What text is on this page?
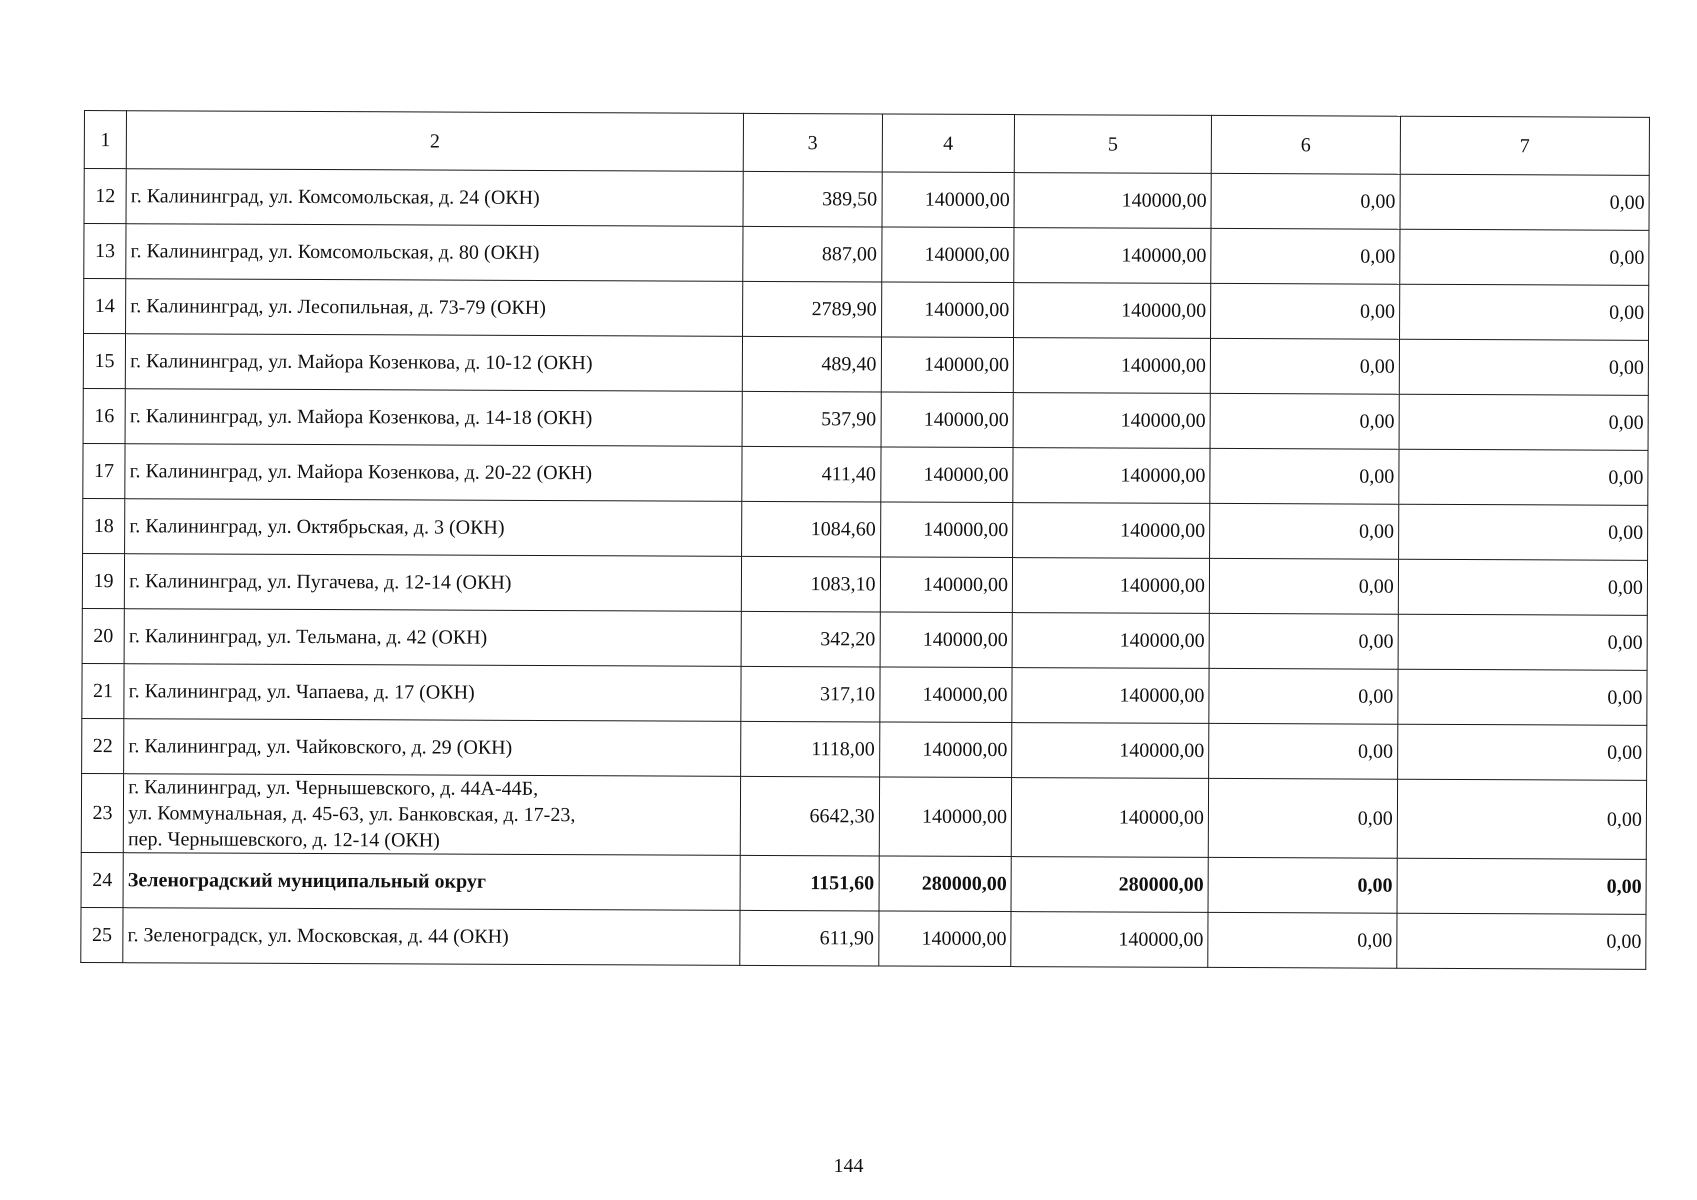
1	2	3	4	5	6	7
12	г. Калининград, ул. Комсомольская, д. 24 (ОКН)	389,50	140000,00	140000,00	0,00	0,00
13	г. Калининград, ул. Комсомольская, д. 80 (ОКН)	887,00	140000,00	140000,00	0,00	0,00
14	г. Калининград, ул. Лесопильная, д. 73-79 (ОКН)	2789,90	140000,00	140000,00	0,00	0,00
15	г. Калининград, ул. Майора Козенкова, д. 10-12 (ОКН)	489,40	140000,00	140000,00	0,00	0,00
16	г. Калининград, ул. Майора Козенкова, д. 14-18 (ОКН)	537,90	140000,00	140000,00	0,00	0,00
17	г. Калининград, ул. Майора Козенкова, д. 20-22 (ОКН)	411,40	140000,00	140000,00	0,00	0,00
18	г. Калининград, ул. Октябрьская, д. 3 (ОКН)	1084,60	140000,00	140000,00	0,00	0,00
19	г. Калининград, ул. Пугачева, д. 12-14 (ОКН)	1083,10	140000,00	140000,00	0,00	0,00
20	г. Калининград, ул. Тельмана, д. 42 (ОКН)	342,20	140000,00	140000,00	0,00	0,00
21	г. Калининград, ул. Чапаева, д. 17 (ОКН)	317,10	140000,00	140000,00	0,00	0,00
22	г. Калининград, ул. Чайковского, д. 29 (ОКН)	1118,00	140000,00	140000,00	0,00	0,00
23	г. Калининград, ул. Чернышевского, д. 44А-44Б,
ул. Коммунальная, д. 45-63, ул. Банковская, д. 17-23,
пер. Чернышевского, д. 12-14 (ОКН)	6642,30	140000,00	140000,00	0,00	0,00
24	Зеленоградский муниципальный округ	1151,60	280000,00	280000,00	0,00	0,00
25	г. Зеленоградск, ул. Московская, д. 44 (ОКН)	611,90	140000,00	140000,00	0,00	0,00
144
